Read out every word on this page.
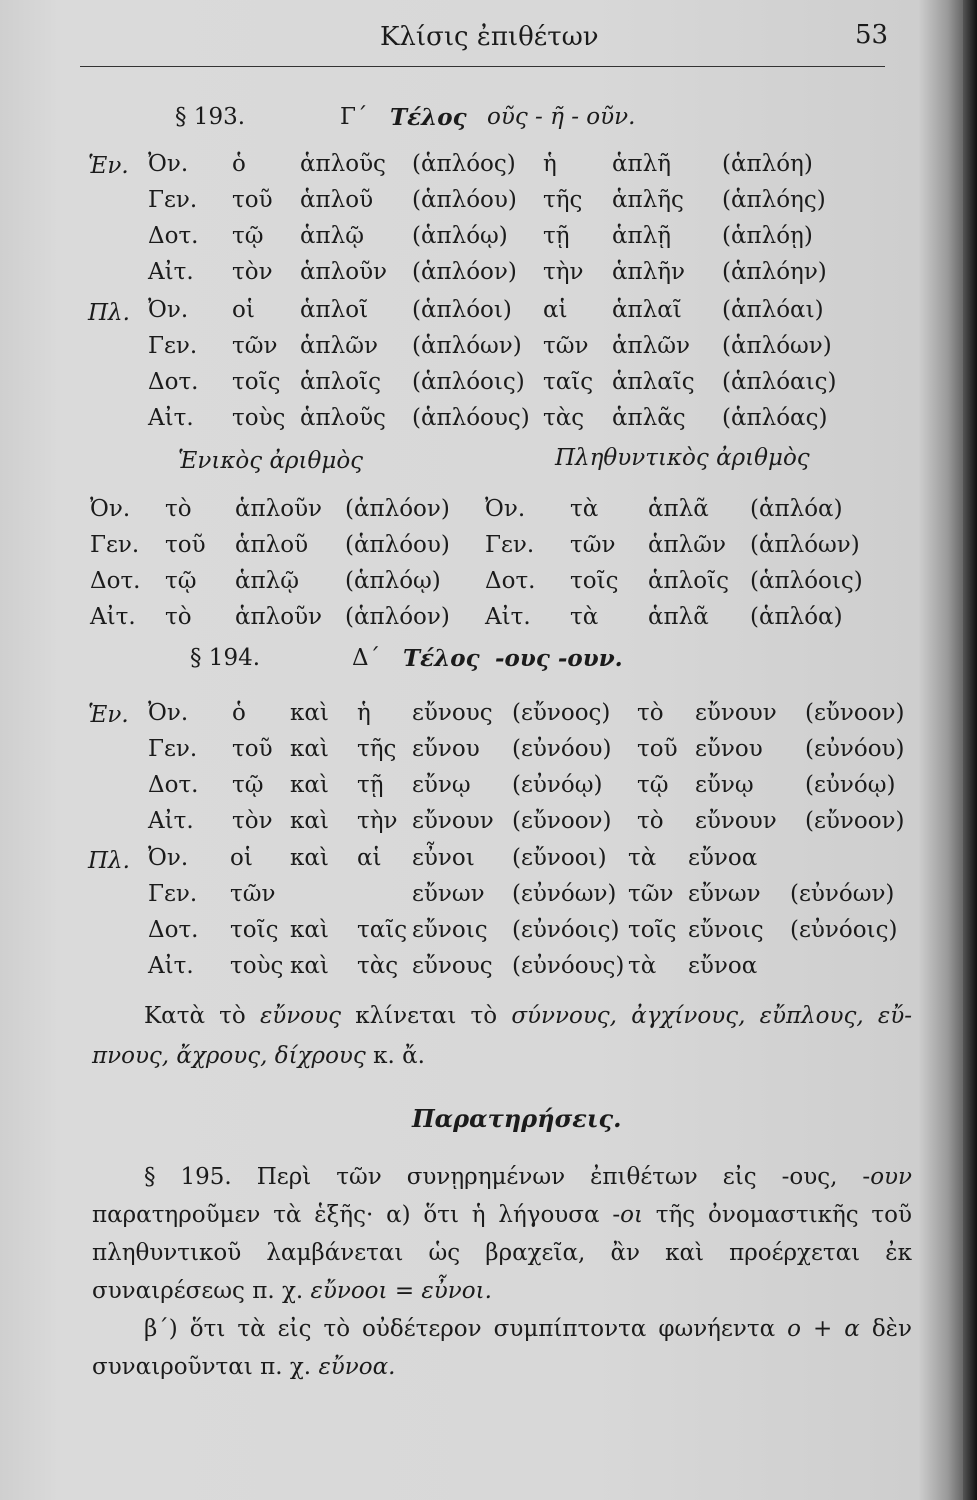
Κλίσις ἐπιθέτων	53
§ 193.	Γ΄ Τέλος οῦς - ῆ - οῦν.
Ἑν.
Πλ.
Ὀν. ὁ ἁπλοῦς (ἁπλόος) ἡ ἁπλῆ (ἁπλόη)
Γεν. τοῦ ἁπλοῦ (ἁπλόου) τῆς ἁπλῆς (ἁπλόης)
Δοτ. τῷ ἁπλῷ (ἁπλόῳ) τῇ ἁπλῇ (ἁπλόῃ)
Αἰτ. τὸν ἁπλοῦν (ἁπλόον) τὴν ἁπλῆν (ἁπλόην)
Ὀν. οἱ ἁπλοῖ (ἁπλόοι) αἱ ἁπλαῖ (ἁπλόαι)
Γεν. τῶν ἁπλῶν (ἁπλόων) τῶν ἁπλῶν (ἁπλόων)
Δοτ. τοῖς ἁπλοῖς (ἁπλόοις) ταῖς ἁπλαῖς (ἁπλόαις)
Αἰτ. τοὺς ἁπλοῦς (ἁπλόους) τὰς ἁπλᾶς (ἁπλόας)
Ἑνικὸς ἀριθμὸς	Πληθυντικὸς ἀριθμὸς
Ὀν. τὸ ἁπλοῦν (ἁπλόον) Ὀν. τὰ ἁπλᾶ (ἁπλόα)
Γεν. τοῦ ἁπλοῦ (ἁπλόου) Γεν. τῶν ἁπλῶν (ἁπλόων)
Δοτ. τῷ ἁπλῷ (ἁπλόῳ) Δοτ. τοῖς ἁπλοῖς (ἁπλόοις)
Αἰτ. τὸ ἁπλοῦν (ἁπλόον) Αἰτ. τὰ ἁπλᾶ (ἁπλόα)
§ 194.	Δ΄ Τέλος -ους -ουν.
Ἑν.
Πλ.
Ὀν. ὁ καὶ ἡ εὔνους (εὔνοος) τὸ εὔνουν (εὔνοον)
Γεν. τοῦ καὶ τῆς εὔνου (εὐνόου) τοῦ εὔνου (εὐνόου)
Δοτ. τῷ καὶ τῇ εὔνῳ (εὐνόῳ) τῷ εὔνῳ (εὐνόῳ)
Αἰτ. τὸν καὶ τὴν εὔνουν (εὔνοον) τὸ εὔνουν (εὔνοον)
Ὀν. οἱ καὶ αἱ εὖνοι (εὔνοοι) τὰ εὔνοα
Γεν. τῶν	εὔνων (εὐνόων) τῶν εὔνων (εὐνόων)
Δοτ. τοῖς καὶ ταῖς εὔνοις (εὐνόοις) τοῖς εὔνοις (εὐνόοις)
Αἰτ. τοὺς καὶ τὰς εὔνους (εὐνόους) τὰ εὔνοα
Κατὰ τὸ εὔνους κλίνεται τὸ σύννους, ἀγχίνους, εὔπλους, εὔ-πνους, ἄχρους, δίχρους κ. ἄ.
Παρατηρήσεις.
§ 195. Περὶ τῶν συνῃρημένων ἐπιθέτων εἰς -ους, -ουν παρατηροῦμεν τὰ ἑξῆς· α) ὅτι ἡ λήγουσα -οι τῆς ὀνομαστικῆς τοῦ πληθυντικοῦ λαμβάνεται ὡς βραχεῖα, ἂν καὶ προέρχεται ἐκ συναιρέσεως π. χ. εὔνοοι = εὖνοι.
β΄) ὅτι τὰ εἰς τὸ οὐδέτερον συμπίπτοντα φωνήεντα ο + α δὲν συναιροῦνται π. χ. εὔνοα.
